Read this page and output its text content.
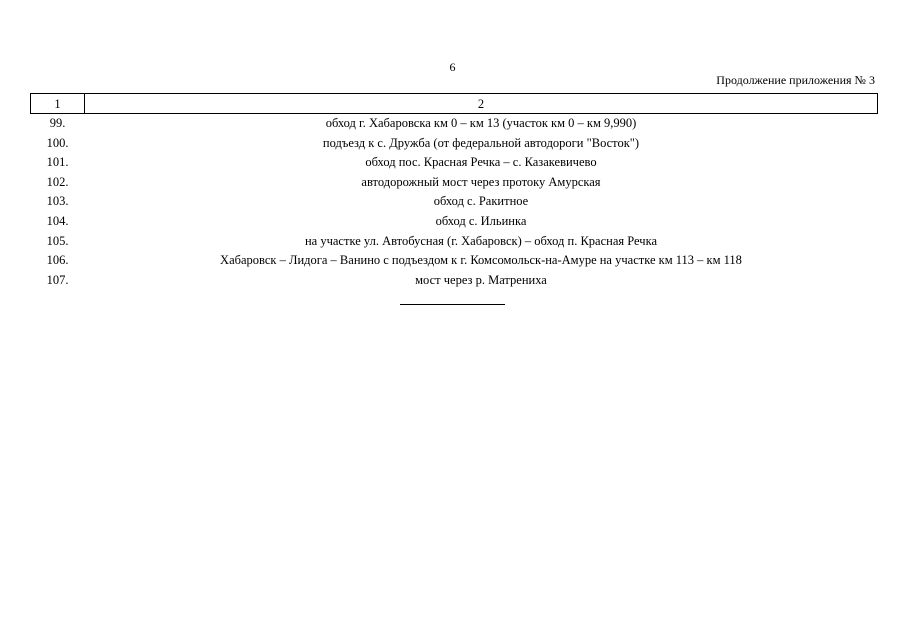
6
Продолжение приложения № 3
1	2
99.	обход г. Хабаровска км 0 – км 13 (участок км 0 – км 9,990)
100.	подъезд к с. Дружба (от федеральной автодороги "Восток")
101.	обход пос. Красная Речка – с. Казакевичево
102.	автодорожный мост через протоку Амурская
103.	обход с. Ракитное
104.	обход с. Ильинка
105.	на участке ул. Автобусная (г. Хабаровск) – обход п. Красная Речка
106.	Хабаровск – Лидога – Ванино с подъездом к г. Комсомольск-на-Амуре на участке км 113 – км 118
107.	мост через р. Матрениха
